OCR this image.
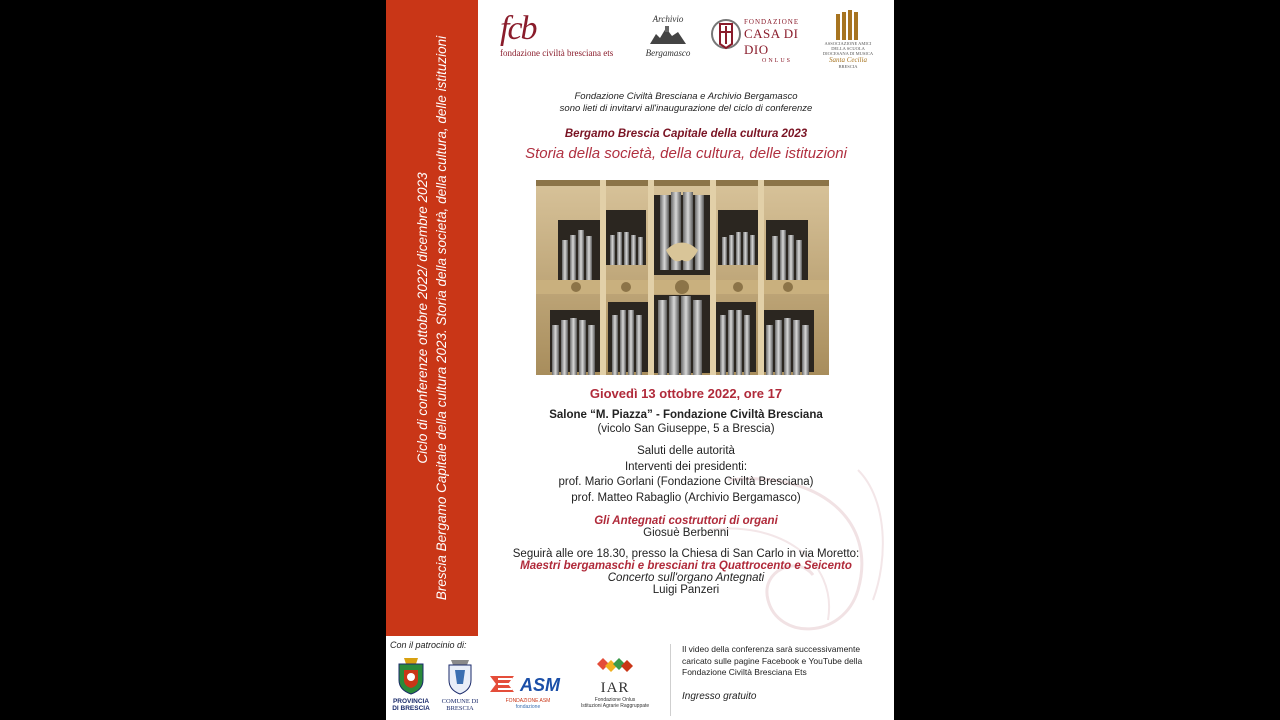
Ciclo di conferenze ottobre 2022/ dicembre 2023 Brescia Bergamo Capitale della cultura 2023. Storia della società, della cultura, delle istituzioni
fcb
fondazione civiltà bresciana ets
Archivio
Bergamasco
FONDAZIONE
CASA DI DIO
ONLUS
ASSOCIAZIONE AMICI DELLA SCUOLA DIOCESANA DI MUSICA
Santa Cecilia
BRESCIA
Fondazione Civiltà Bresciana e Archivio Bergamasco
sono lieti di invitarvi all'inaugurazione del ciclo di conferenze
Bergamo Brescia Capitale della cultura 2023
Storia della società, della cultura, delle istituzioni
Giovedì 13 ottobre 2022, ore 17
Salone “M. Piazza” - Fondazione Civiltà Bresciana
(vicolo San Giuseppe, 5 a Brescia)
Saluti delle autorità
Interventi dei presidenti:
prof. Mario Gorlani (Fondazione Civiltà Bresciana)
prof. Matteo Rabaglio (Archivio Bergamasco)
Gli Antegnati costruttori di organi
Giosuè Berbenni
Seguirà alle ore 18.30, presso la Chiesa di San Carlo in via Moretto:
Maestri bergamaschi e bresciani tra Quattrocento e Seicento
Concerto sull'organo Antegnati
Luigi Panzeri
Con il patrocinio di:
PROVINCIA
DI BRESCIA
COMUNE DI
BRESCIA
ASM
FONDAZIONE ASM
fondazione
IAR
Fondazione Onlus
Istituzioni Agrarie Raggruppate
Il video della conferenza sarà successivamente caricato sulle pagine Facebook e YouTube della Fondazione Civiltà Bresciana Ets
Ingresso gratuito
